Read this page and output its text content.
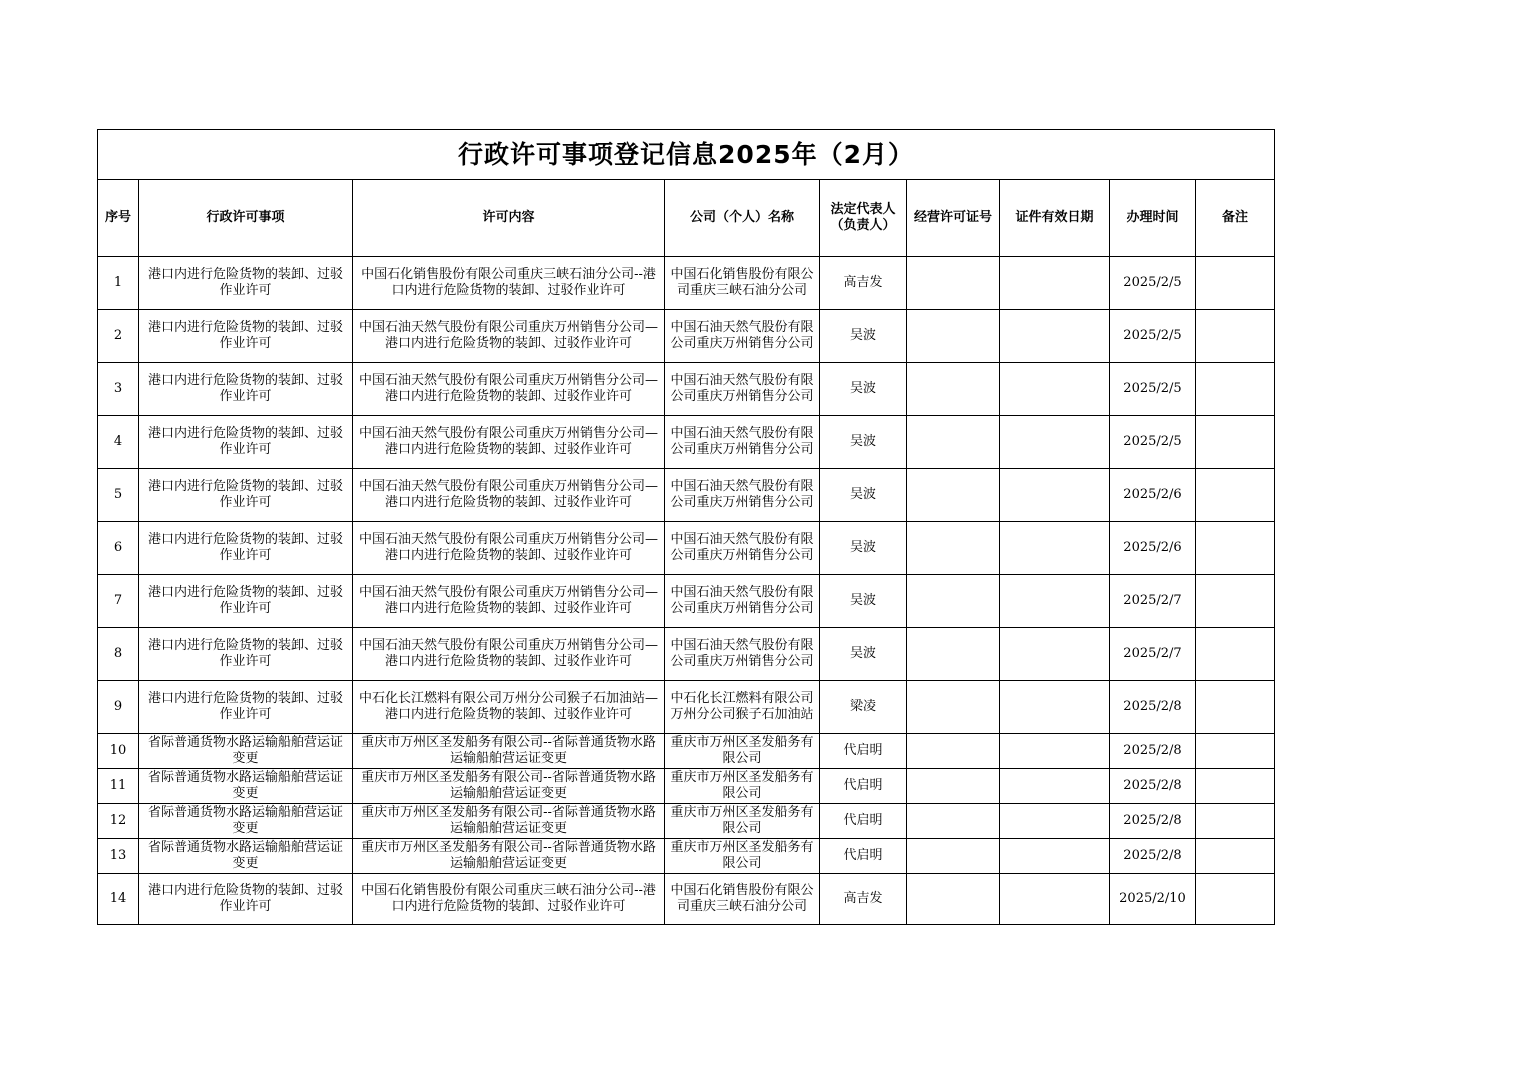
行政许可事项登记信息2025年（2月）								
序号	行政许可事项	许可内容	公司（个人）名称	法定代表人（负责人）	经营许可证号	证件有效日期	办理时间	备注

1	港口内进行危险货物的装卸、过驳作业许可	中国石化销售股份有限公司重庆三峡石油分公司--港口内进行危险货物的装卸、过驳作业许可	中国石化销售股份有限公司重庆三峡石油分公司	高吉发			2025/2/5	

2	港口内进行危险货物的装卸、过驳作业许可	中国石油天然气股份有限公司重庆万州销售分公司—港口内进行危险货物的装卸、过驳作业许可	中国石油天然气股份有限公司重庆万州销售分公司	吴波			2025/2/5	

3	港口内进行危险货物的装卸、过驳作业许可	中国石油天然气股份有限公司重庆万州销售分公司—港口内进行危险货物的装卸、过驳作业许可	中国石油天然气股份有限公司重庆万州销售分公司	吴波			2025/2/5	

4	港口内进行危险货物的装卸、过驳作业许可	中国石油天然气股份有限公司重庆万州销售分公司—港口内进行危险货物的装卸、过驳作业许可	中国石油天然气股份有限公司重庆万州销售分公司	吴波			2025/2/5	

5	港口内进行危险货物的装卸、过驳作业许可	中国石油天然气股份有限公司重庆万州销售分公司—港口内进行危险货物的装卸、过驳作业许可	中国石油天然气股份有限公司重庆万州销售分公司	吴波			2025/2/6	

6	港口内进行危险货物的装卸、过驳作业许可	中国石油天然气股份有限公司重庆万州销售分公司—港口内进行危险货物的装卸、过驳作业许可	中国石油天然气股份有限公司重庆万州销售分公司	吴波			2025/2/6	

7	港口内进行危险货物的装卸、过驳作业许可	中国石油天然气股份有限公司重庆万州销售分公司—港口内进行危险货物的装卸、过驳作业许可	中国石油天然气股份有限公司重庆万州销售分公司	吴波			2025/2/7	

8	港口内进行危险货物的装卸、过驳作业许可	中国石油天然气股份有限公司重庆万州销售分公司—港口内进行危险货物的装卸、过驳作业许可	中国石油天然气股份有限公司重庆万州销售分公司	吴波			2025/2/7	

9	港口内进行危险货物的装卸、过驳作业许可	中石化长江燃料有限公司万州分公司猴子石加油站—港口内进行危险货物的装卸、过驳作业许可	中石化长江燃料有限公司万州分公司猴子石加油站	梁凌			2025/2/8	

10	省际普通货物水路运输船舶营运证变更	重庆市万州区圣发船务有限公司--省际普通货物水路运输船舶营运证变更	重庆市万州区圣发船务有限公司	代启明			2025/2/8	

11	省际普通货物水路运输船舶营运证变更	重庆市万州区圣发船务有限公司--省际普通货物水路运输船舶营运证变更	重庆市万州区圣发船务有限公司	代启明			2025/2/8	

12	省际普通货物水路运输船舶营运证变更	重庆市万州区圣发船务有限公司--省际普通货物水路运输船舶营运证变更	重庆市万州区圣发船务有限公司	代启明			2025/2/8	

13	省际普通货物水路运输船舶营运证变更	重庆市万州区圣发船务有限公司--省际普通货物水路运输船舶营运证变更	重庆市万州区圣发船务有限公司	代启明			2025/2/8	

14	港口内进行危险货物的装卸、过驳作业许可	中国石化销售股份有限公司重庆三峡石油分公司--港口内进行危险货物的装卸、过驳作业许可	中国石化销售股份有限公司重庆三峡石油分公司	高吉发			2025/2/10	
